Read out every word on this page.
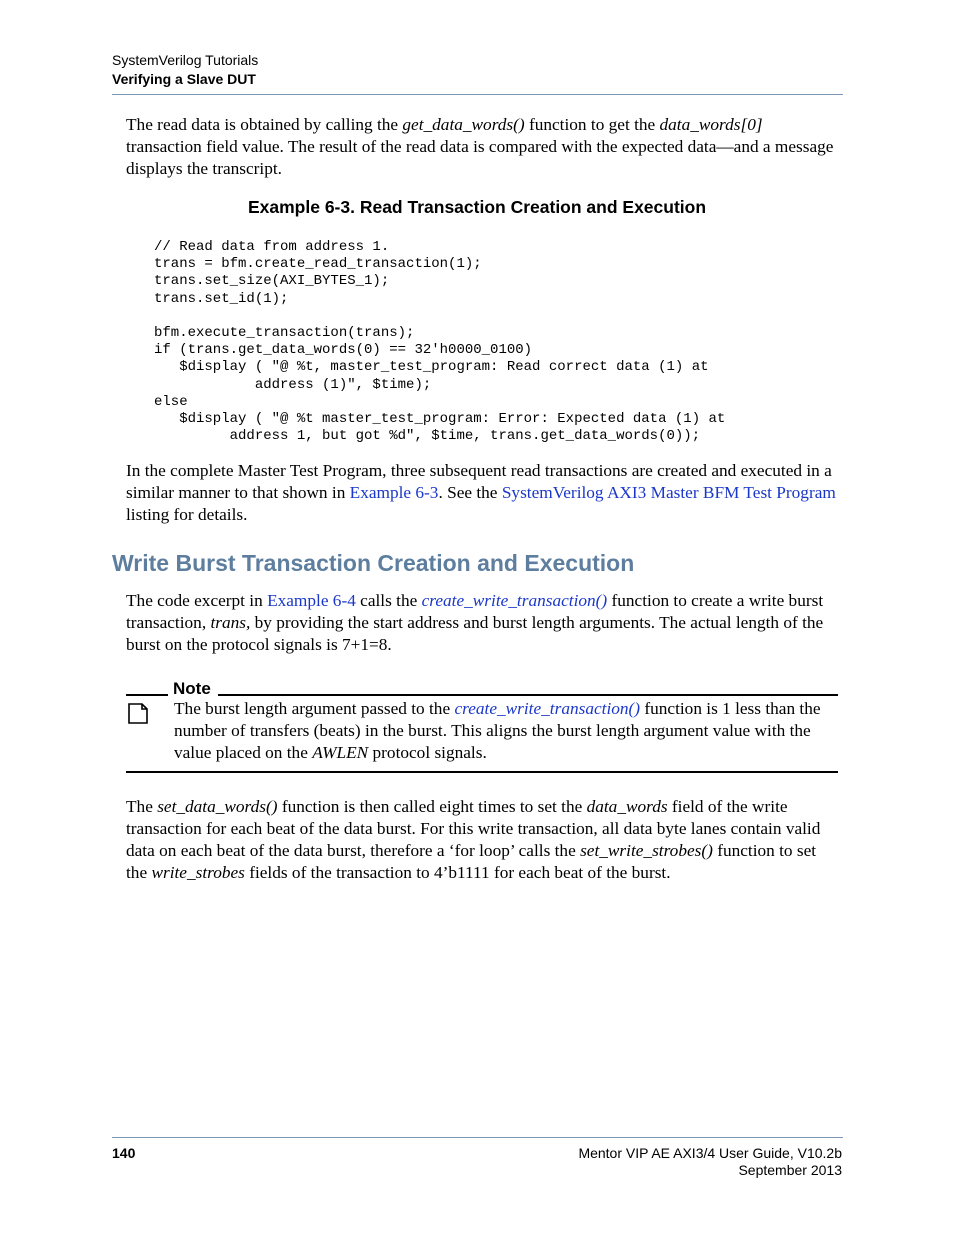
SystemVerilog Tutorials
Verifying a Slave DUT
The read data is obtained by calling the get_data_words() function to get the data_words[0] transaction field value. The result of the read data is compared with the expected data—and a message displays the transcript.
Example 6-3. Read Transaction Creation and Execution
// Read data from address 1.
trans = bfm.create_read_transaction(1);
trans.set_size(AXI_BYTES_1);
trans.set_id(1);

bfm.execute_transaction(trans);
if (trans.get_data_words(0) == 32'h0000_0100)
$display ( "@ %t, master_test_program: Read correct data (1) at
address (1)", $time);
else
$display ( "@ %t master_test_program: Error: Expected data (1) at
address 1, but got %d", $time, trans.get_data_words(0));
In the complete Master Test Program, three subsequent read transactions are created and executed in a similar manner to that shown in Example 6-3. See the SystemVerilog AXI3 Master BFM Test Program listing for details.
Write Burst Transaction Creation and Execution
The code excerpt in Example 6-4 calls the create_write_transaction() function to create a write burst transaction, trans, by providing the start address and burst length arguments. The actual length of the burst on the protocol signals is 7+1=8.
Note
The burst length argument passed to the create_write_transaction() function is 1 less than the number of transfers (beats) in the burst. This aligns the burst length argument value with the value placed on the AWLEN protocol signals.
The set_data_words() function is then called eight times to set the data_words field of the write transaction for each beat of the data burst. For this write transaction, all data byte lanes contain valid data on each beat of the data burst, therefore a ‘for loop’ calls the set_write_strobes() function to set the write_strobes fields of the transaction to 4’b1111 for each beat of the burst.
140	Mentor VIP AE AXI3/4 User Guide, V10.2b
September 2013
